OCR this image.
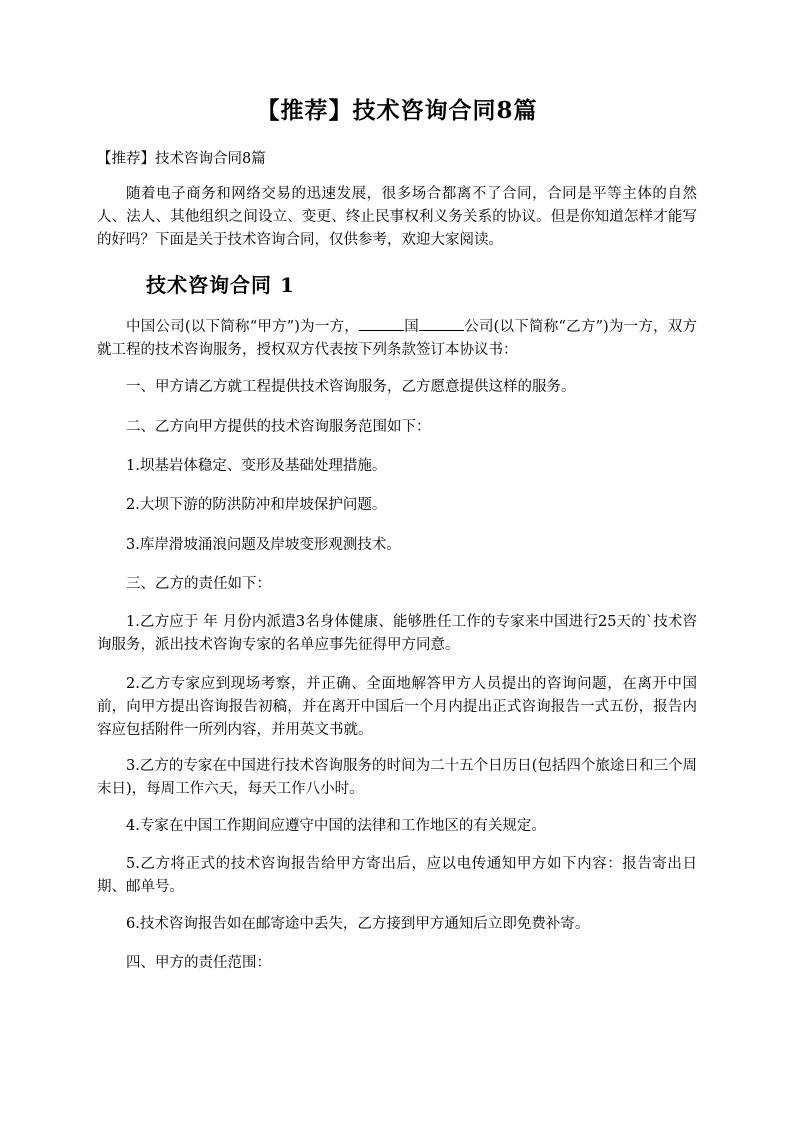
【推荐】技术咨询合同8篇

【推荐】技术咨询合同8篇

随着电子商务和网络交易的迅速发展，很多场合都离不了合同，合同是平等主体的自然人、法人、其他组织之间设立、变更、终止民事权利义务关系的协议。但是你知道怎样才能写的好吗？下面是关于技术咨询合同，仅供参考，欢迎大家阅读。

技术咨询合同 1

中国公司(以下简称“甲方”)为一方，	国	公司(以下简称“乙方”)为一方，双方就工程的技术咨询服务，授权双方代表按下列条款签订本协议书：

一、甲方请乙方就工程提供技术咨询服务，乙方愿意提供这样的服务。

二、乙方向甲方提供的技术咨询服务范围如下：

1.坝基岩体稳定、变形及基础处理措施。

2.大坝下游的防洪防冲和岸坡保护问题。

3.库岸滑坡涌浪问题及岸坡变形观测技术。

三、乙方的责任如下：

1.乙方应于 年 月份内派遣3名身体健康、能够胜任工作的专家来中国进行25天的`技术咨询服务，派出技术咨询专家的名单应事先征得甲方同意。

2.乙方专家应到现场考察，并正确、全面地解答甲方人员提出的咨询问题，在离开中国前，向甲方提出咨询报告初稿，并在离开中国后一个月内提出正式咨询报告一式五份，报告内容应包括附件一所列内容，并用英文书就。

3.乙方的专家在中国进行技术咨询服务的时间为二十五个日历日(包括四个旅途日和三个周末日)，每周工作六天，每天工作八小时。

4.专家在中国工作期间应遵守中国的法律和工作地区的有关规定。

5.乙方将正式的技术咨询报告给甲方寄出后，应以电传通知甲方如下内容：报告寄出日期、邮单号。

6.技术咨询报告如在邮寄途中丢失，乙方接到甲方通知后立即免费补寄。

四、甲方的责任范围：
